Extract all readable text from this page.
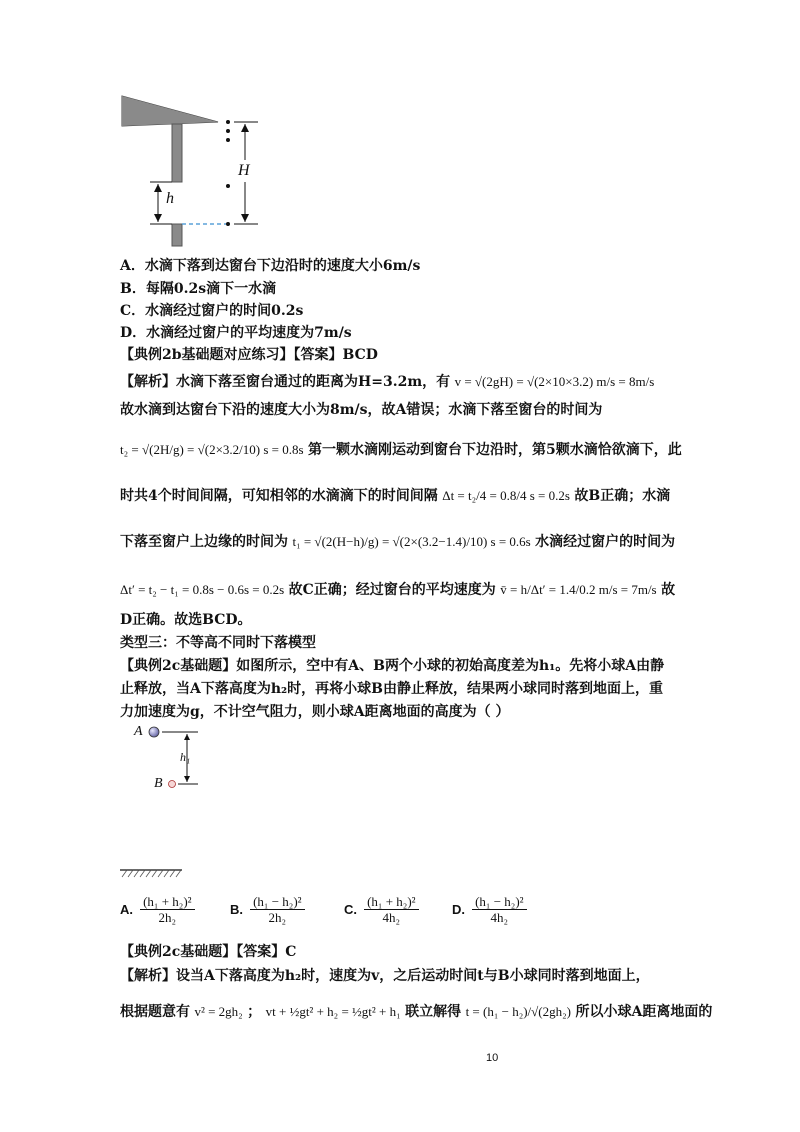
H
h
A．水滴下落到达窗台下边沿时的速度大小6m/s
B．每隔0.2s滴下一水滴
C．水滴经过窗户的时间0.2s
D．水滴经过窗户的平均速度为7m/s
【典例2b基础题对应练习】【答案】BCD
【解析】水滴下落至窗台通过的距离为H=3.2m，有 v = √(2gH) = √(2×10×3.2) m/s = 8m/s
故水滴到达窗台下沿的速度大小为8m/s，故A错误；水滴下落至窗台的时间为
t₂ = √(2H/g) = √(2×3.2/10) s = 0.8s 第一颗水滴刚运动到窗台下边沿时，第5颗水滴恰欲滴下，此
时共4个时间间隔，可知相邻的水滴滴下的时间间隔 Δt = t₂/4 = 0.8/4 s = 0.2s 故B正确；水滴
下落至窗户上边缘的时间为 t₁ = √(2(H−h)/g) = √(2×(3.2−1.4)/10) s = 0.6s 水滴经过窗户的时间为
Δt′ = t₂ − t₁ = 0.8s − 0.6s = 0.2s 故C正确；经过窗台的平均速度为 v̄ = h/Δt′ = 1.4/0.2 m/s = 7m/s 故
D正确。故选BCD。
类型三：不等高不同时下落模型
【典例2c基础题】如图所示，空中有A、B两个小球的初始高度差为h₁。先将小球A由静
止释放，当A下落高度为h₂时，再将小球B由静止释放，结果两小球同时落到地面上，重
力加速度为g，不计空气阻力，则小球A距离地面的高度为（ ）
A
B
h₁
A. $\frac{\text{(h₁ + h₂)²}}{\text{2h₂}}$	B. $\frac{\text{(h₁ − h₂)²}}{\text{2h₂}}$	C. $\frac{\text{(h₁ + h₂)²}}{\text{4h₂}}$	D. $\frac{\text{(h₁ − h₂)²}}{\text{4h₂}}$
【典例2c基础题】【答案】C
【解析】设当A下落高度为h₂时，速度为v，之后运动时间t与B小球同时落到地面上，
根据题意有 v² = 2gh₂ ； vt + ½gt² + h₂ = ½gt² + h₁ 联立解得 t = (h₁ − h₂)/√(2gh₂) 所以小球A距离地面的
10
